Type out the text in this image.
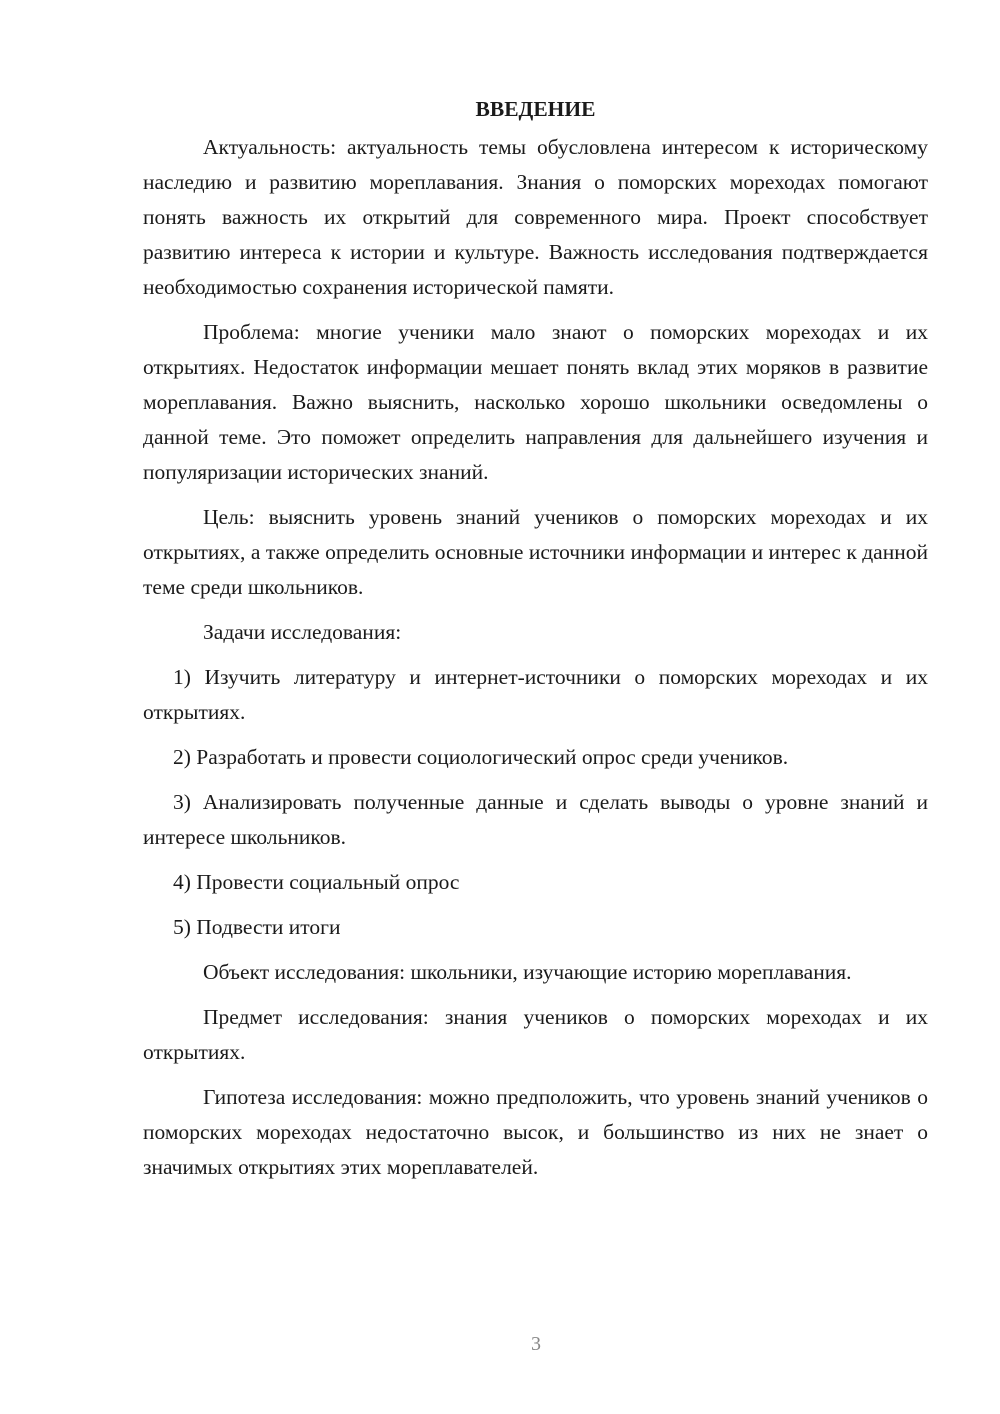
ВВЕДЕНИЕ

Актуальность: актуальность темы обусловлена интересом к историческому наследию и развитию мореплавания. Знания о поморских мореходах помогают понять важность их открытий для современного мира. Проект способствует развитию интереса к истории и культуре. Важность исследования подтверждается необходимостью сохранения исторической памяти.

Проблема: многие ученики мало знают о поморских мореходах и их открытиях. Недостаток информации мешает понять вклад этих моряков в развитие мореплавания. Важно выяснить, насколько хорошо школьники осведомлены о данной теме. Это поможет определить направления для дальнейшего изучения и популяризации исторических знаний.

Цель: выяснить уровень знаний учеников о поморских мореходах и их открытиях, а также определить основные источники информации и интерес к данной теме среди школьников.

Задачи исследования:

1) Изучить литературу и интернет-источники о поморских мореходах и их открытиях.

2) Разработать и провести социологический опрос среди учеников.

3) Анализировать полученные данные и сделать выводы о уровне знаний и интересе школьников.

4) Провести социальный опрос

5) Подвести итоги

Объект исследования: школьники, изучающие историю мореплавания.

Предмет исследования: знания учеников о поморских мореходах и их открытиях.

Гипотеза исследования: можно предположить, что уровень знаний учеников о поморских мореходах недостаточно высок, и большинство из них не знает о значимых открытиях этих мореплавателей.

3
